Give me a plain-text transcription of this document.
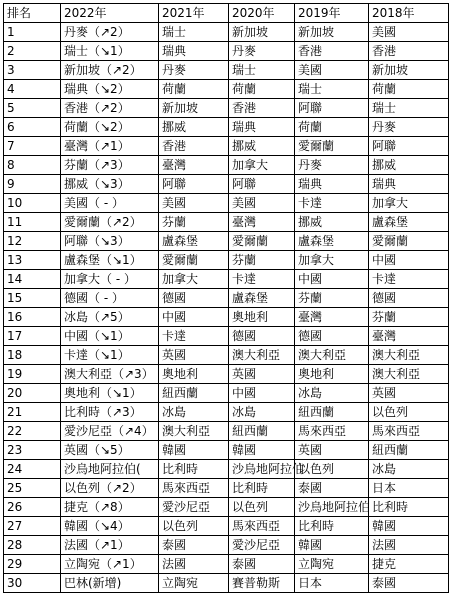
排名	2022年	2021年	2020年	2019年	2018年
1	丹麥（↗2）	瑞士	新加坡	新加坡	美國
2	瑞士（↘1）	瑞典	丹麥	香港	香港
3	新加坡（↗2）	丹麥	瑞士	美國	新加坡
4	瑞典（↘2）	荷蘭	荷蘭	瑞士	荷蘭
5	香港（↗2）	新加坡	香港	阿聯	瑞士
6	荷蘭（↘2）	挪威	瑞典	荷蘭	丹麥
7	臺灣（↗1）	香港	挪威	愛爾蘭	阿聯
8	芬蘭（↗3）	臺灣	加拿大	丹麥	挪威
9	挪威（↘3）	阿聯	阿聯	瑞典	瑞典
10	美國（ - ）	美國	美國	卡達	加拿大
11	愛爾蘭（↗2）	芬蘭	臺灣	挪威	盧森堡
12	阿聯（↘3）	盧森堡	愛爾蘭	盧森堡	愛爾蘭
13	盧森堡（↘1）	愛爾蘭	芬蘭	加拿大	中國
14	加拿大（ - ）	加拿大	卡達	中國	卡達
15	德國（ - ）	德國	盧森堡	芬蘭	德國
16	冰島（↗5）	中國	奧地利	臺灣	芬蘭
17	中國（↘1）	卡達	德國	德國	臺灣
18	卡達（↘1）	英國	澳大利亞	澳大利亞	澳大利亞
19	澳大利亞（↗3）	奧地利	英國	奧地利	澳大利亞
20	奧地利（↘1）	紐西蘭	中國	冰島	英國
21	比利時（↗3）	冰島	冰島	紐西蘭	以色列
22	愛沙尼亞（↗4）	澳大利亞	紐西蘭	馬來西亞	馬來西亞
23	英國（↘5）	韓國	韓國	英國	紐西蘭
24	沙烏地阿拉伯(	比利時	沙烏地阿拉伯	以色列	冰島
25	以色列（↗2）	馬來西亞	比利時	泰國	日本
26	捷克（↗8）	愛沙尼亞	以色列	沙烏地阿拉伯	比利時
27	韓國（↘4）	以色列	馬來西亞	比利時	韓國
28	法國（↗1）	泰國	愛沙尼亞	韓國	法國
29	立陶宛（↗1）	法國	泰國	立陶宛	捷克
30	巴林(新增)	立陶宛	賽普勒斯	日本	泰國
